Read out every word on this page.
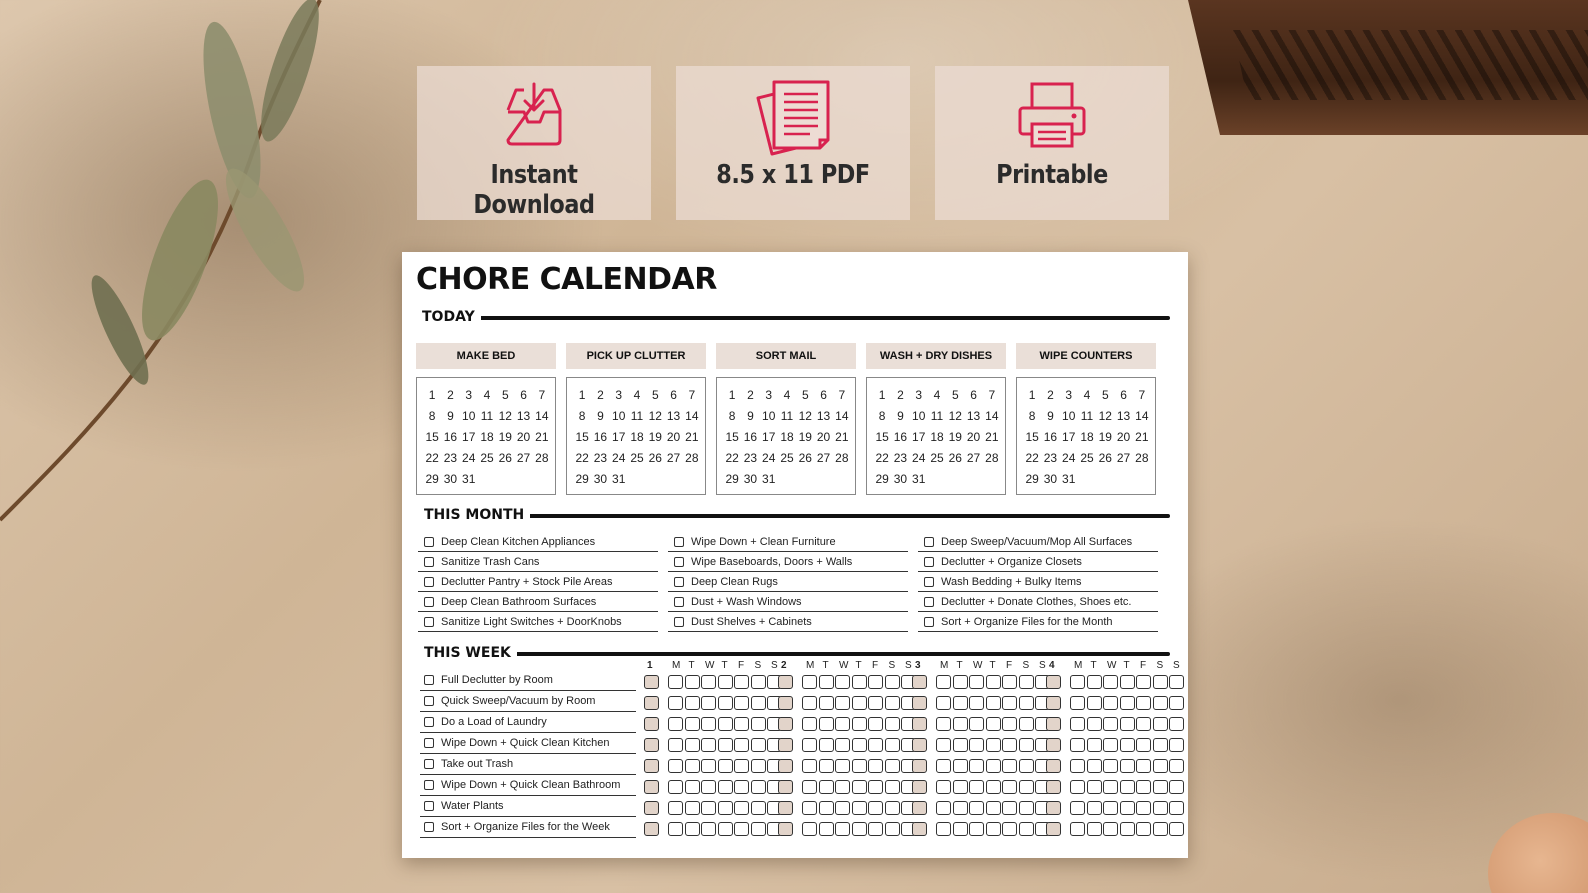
Instant Download
8.5 x 11 PDF	Printable
CHORE CALENDAR
TODAY
MAKE BED
1 2 3 4 5 6 7
8 9 10 11 12 13 14
15 16 17 18 19 20 21
22 23 24 25 26 27 28
29 30 31
PICK UP CLUTTER
1 2 3 4 5 6 7
8 9 10 11 12 13 14
15 16 17 18 19 20 21
22 23 24 25 26 27 28
29 30 31
SORT MAIL
1 2 3 4 5 6 7
8 9 10 11 12 13 14
15 16 17 18 19 20 21
22 23 24 25 26 27 28
29 30 31
WASH + DRY DISHES
1 2 3 4 5 6 7
8 9 10 11 12 13 14
15 16 17 18 19 20 21
22 23 24 25 26 27 28
29 30 31
WIPE COUNTERS
1 2 3 4 5 6 7
8 9 10 11 12 13 14
15 16 17 18 19 20 21
22 23 24 25 26 27 28
29 30 31
THIS MONTH
Deep Clean Kitchen Appliances
Sanitize Trash Cans
Declutter Pantry + Stock Pile Areas
Deep Clean Bathroom Surfaces
Sanitize Light Switches + DoorKnobs
Wipe Down + Clean Furniture
Wipe Baseboards, Doors + Walls
Deep Clean Rugs
Dust + Wash Windows
Dust Shelves + Cabinets
Deep Sweep/Vacuum/Mop All Surfaces
Declutter + Organize Closets
Wash Bedding + Bulky Items
Declutter + Donate Clothes, Shoes etc.
Sort + Organize Files for the Month
THIS WEEK
Full Declutter by Room
Quick Sweep/Vacuum by Room
Do a Load of Laundry
Wipe Down + Quick Clean Kitchen
Take out Trash
Wipe Down + Quick Clean Bathroom
Water Plants
Sort + Organize Files for the Week
1 M T W T F S S 2 M T W T F S S 3 M T W T F S S 4 M T W T F S S
